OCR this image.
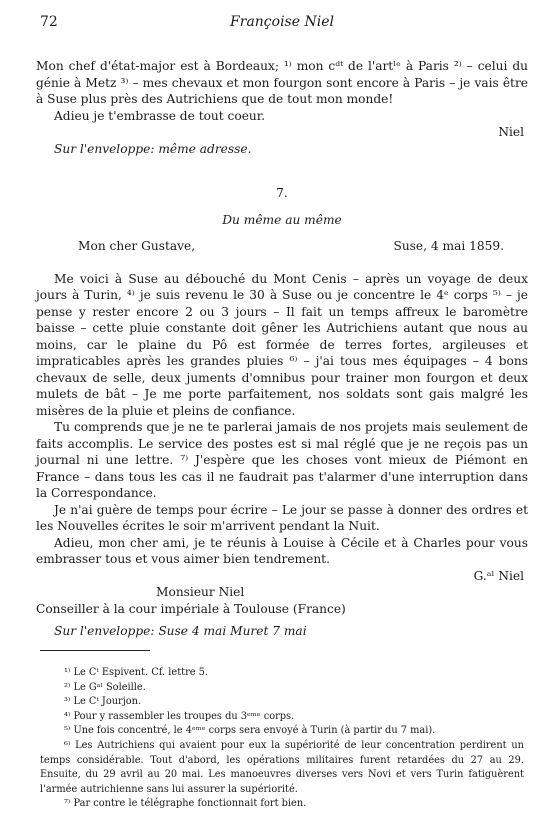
72	Françoise Niel

Mon chef d'état-major est à Bordeaux; ¹⁾ mon cᵈᵗ de l'artˡᵉ à Paris ²⁾ – celui du génie à Metz ³⁾ – mes chevaux et mon fourgon sont encore à Paris – je vais être à Suse plus près des Autrichiens que de tout mon monde!

Adieu je t'embrasse de tout coeur.

Niel

Sur l'enveloppe: même adresse.

7.

Du même au même

Mon cher Gustave,	Suse, 4 mai 1859.

Me voici à Suse au débouché du Mont Cenis – après un voyage de deux jours à Turin, ⁴⁾ je suis revenu le 30 à Suse ou je concentre le 4ᵉ corps ⁵⁾ – je pense y rester encore 2 ou 3 jours – Il fait un temps affreux le baromètre baisse – cette pluie constante doit gêner les Autrichiens autant que nous au moins, car le plaine du Pô est formée de terres fortes, argileuses et impraticables après les grandes pluies ⁶⁾ – j'ai tous mes équipages – 4 bons chevaux de selle, deux juments d'omnibus pour trainer mon fourgon et deux mulets de bât – Je me porte parfaitement, nos soldats sont gais malgré les misères de la pluie et pleins de confiance.

Tu comprends que je ne te parlerai jamais de nos projets mais seulement de faits accomplis. Le service des postes est si mal réglé que je ne reçois pas un journal ni une lettre. ⁷⁾ J'espère que les choses vont mieux de Piémont en France – dans tous les cas il ne faudrait pas t'alarmer d'une interruption dans la Correspondance.

Je n'ai guère de temps pour écrire – Le jour se passe à donner des ordres et les Nouvelles écrites le soir m'arrivent pendant la Nuit.

Adieu, mon cher ami, je te réunis à Louise à Cécile et à Charles pour vous embrasser tous et vous aimer bien tendrement.

G.ᵃˡ Niel

Monsieur Niel

Conseiller à la cour impériale à Toulouse (France)

Sur l'enveloppe: Suse 4 mai Muret 7 mai

¹⁾ Le Cᵗ Espivent. Cf. lettre 5.

²⁾ Le Gᵃˡ Soleille.

³⁾ Le Cᵗ Jourjon.

⁴⁾ Pour y rassembler les troupes du 3ᵉᵐᵉ corps.

⁵⁾ Une fois concentré, le 4ᵉᵐᵉ corps sera envoyé à Turin (à partir du 7 mai).

⁶⁾ Les Autrichiens qui avaient pour eux la supériorité de leur concentration perdirent un temps considérable. Tout d'abord, les opérations militaires furent retardées du 27 au 29. Ensuite, du 29 avril au 20 mai. Les manoeuvres diverses vers Novi et vers Turin fatiguèrent l'armée autrichienne sans lui assurer la supériorité.

⁷⁾ Par contre le télégraphe fonctionnait fort bien.
